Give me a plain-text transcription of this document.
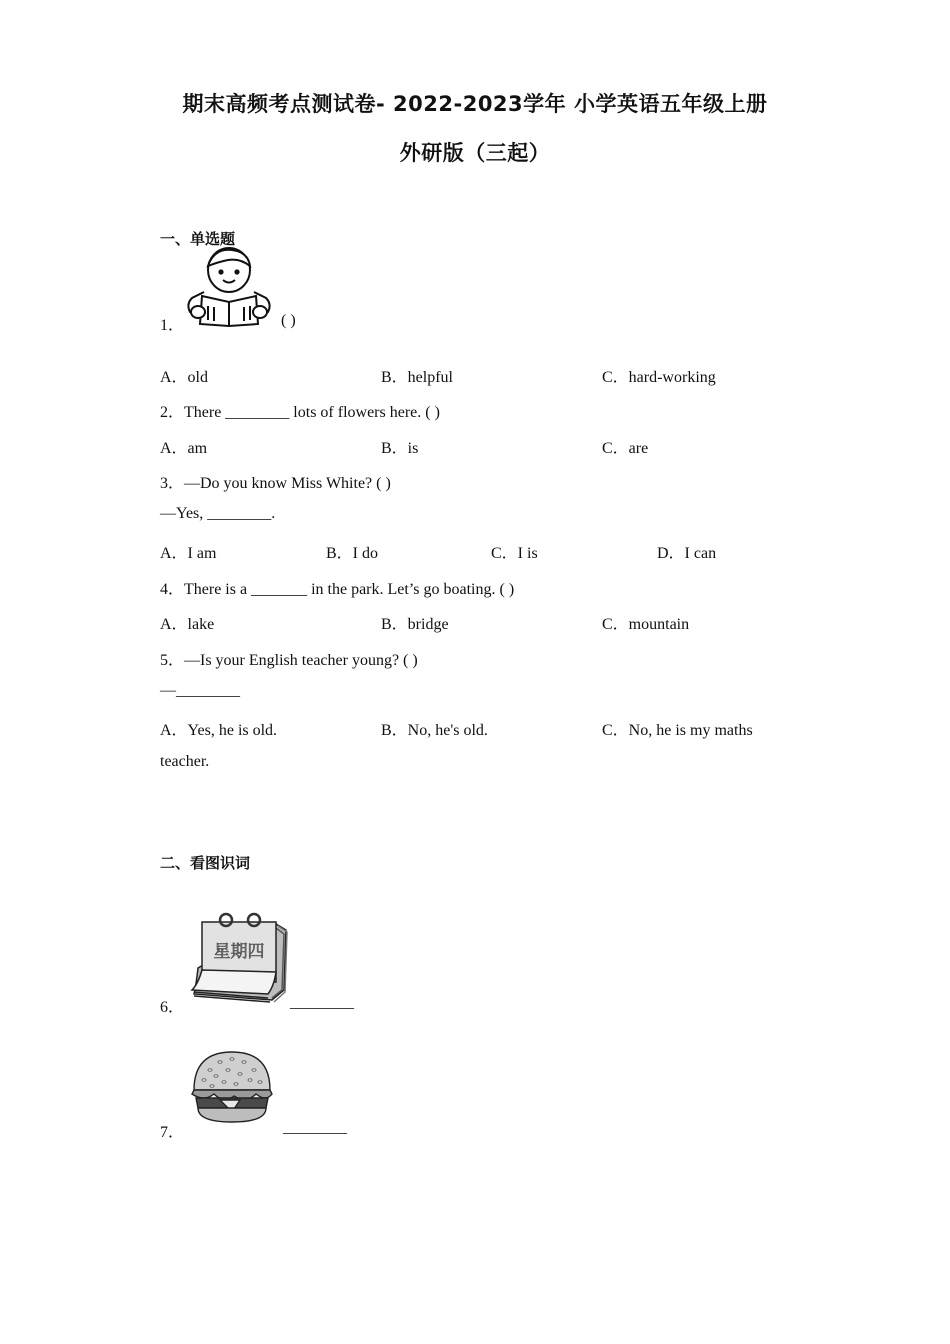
期末高频考点测试卷- 2022-2023学年 小学英语五年级上册
外研版（三起）
一、单选题
1．	( )
A．old	B．helpful	C．hard-working
2．There ________ lots of flowers here. ( )
A．am	B．is	C．are
3．—Do you know Miss White? ( )
—Yes, ________.
A．I am	B．I do	C．I is	D．I can
4．There is a _______ in the park. Let’s go boating. ( )
A．lake	B．bridge	C．mountain
5．—Is your English teacher young? ( )
—________
A．Yes, he is old.	B．No, he's old.	C．No, he is my maths
teacher.
二、看图识词
6．
星期四
________
7．	________
